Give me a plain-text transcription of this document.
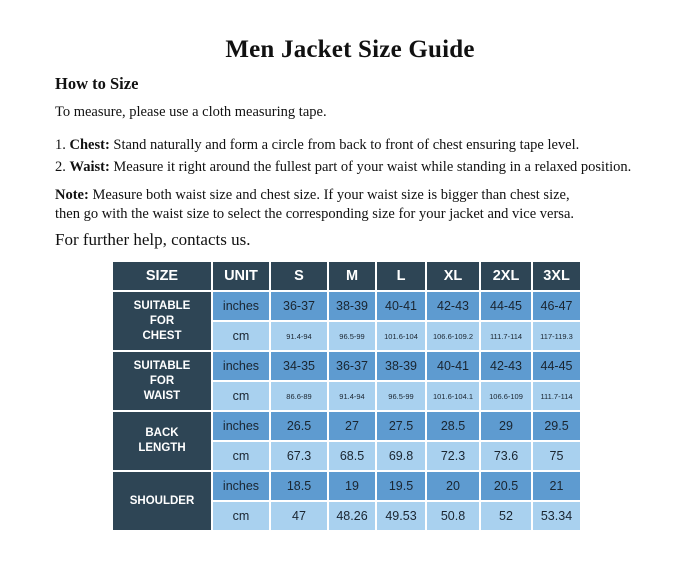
Men Jacket Size Guide
How to Size
To measure, please use a cloth measuring tape.
1. Chest: Stand naturally and form a circle from back to front of chest ensuring tape level.
2. Waist: Measure it right around the fullest part of your waist while standing in a relaxed position.
Note: Measure both waist size and chest size. If your waist size is bigger than chest size,
then go with the waist size to select the corresponding size for your jacket and vice versa.
For further help, contacts us.
SIZE	UNIT	S	M	L	XL	2XL	3XL
SUITABLE
FOR
CHEST	inches	36-37	38-39	40-41	42-43	44-45	46-47
	cm	91.4-94	96.5-99	101.6-104	106.6-109.2	111.7-114	117-119.3
SUITABLE
FOR
WAIST	inches	34-35	36-37	38-39	40-41	42-43	44-45
	cm	86.6-89	91.4-94	96.5-99	101.6-104.1	106.6-109	111.7-114
BACK
LENGTH	inches	26.5	27	27.5	28.5	29	29.5
	cm	67.3	68.5	69.8	72.3	73.6	75
SHOULDER	inches	18.5	19	19.5	20	20.5	21
	cm	47	48.26	49.53	50.8	52	53.34
